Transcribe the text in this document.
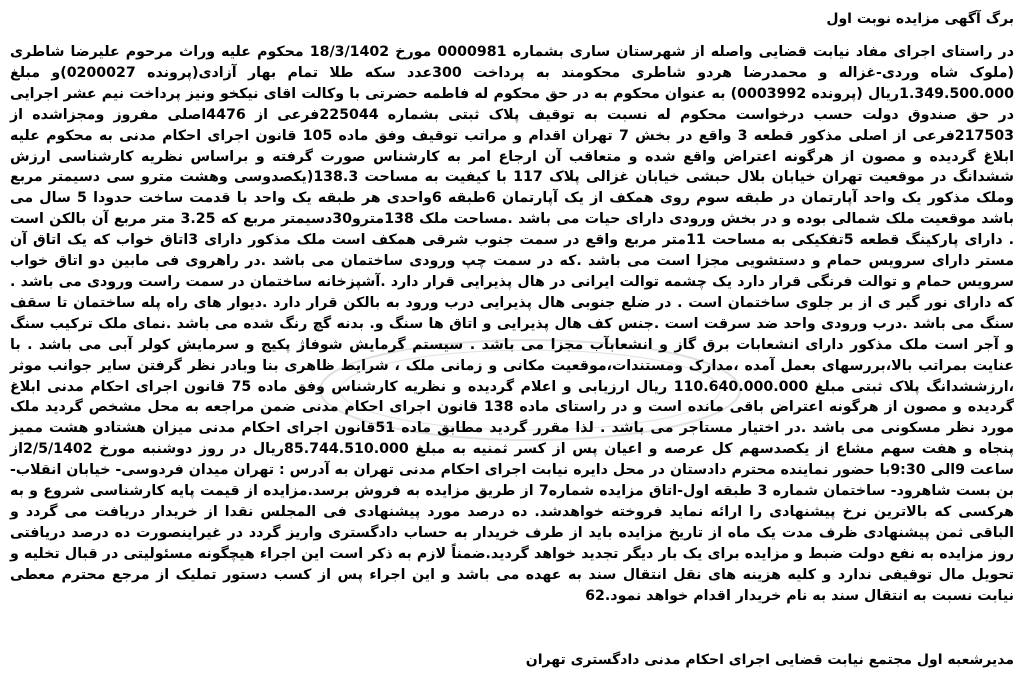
برگ آگهی مزایده نوبت اول
در راستای اجرای مفاد نیابت قضایی واصله از شهرستان ساری بشماره 0000981 مورخ 18/3/1402 محکوم علیه وراث مرحوم علیرضا شاطری (ملوک شاه وردی-غزاله و محمدرضا هردو شاطری محکومند به پرداخت 300عدد سکه طلا تمام بهار آزادی(پرونده 0200027)و مبلغ 1.349.500.000ریال (پرونده 0003992) به عنوان محکوم به در حق محکوم له فاطمه حضرتی با وکالت اقای نیکخو ونیز پرداخت نیم عشر اجرایی در حق صندوق دولت حسب درخواست محکوم له نسبت به توقیف پلاک ثبتی بشماره 225044فرعی از 4476اصلی مفروز ومجزاشده از 217503فرعی از اصلی مذکور قطعه 3 واقع در بخش 7 تهران اقدام و مراتب توقیف وفق ماده 105 قانون اجرای احکام مدنی به محکوم علیه ابلاغ گردیده و مصون از هرگونه اعتراض واقع شده و متعاقب آن ارجاع امر به کارشناس صورت گرفته و براساس نظریه کارشناسی ارزش ششدانگ در موقعیت تهران خیابان بلال حبشی خیابان غزالی پلاک 117 با کیفیت به مساحت 138.3(یکصدوسی وهشت مترو سی دسیمتر مربع وملک مذکور یک واحد آپارتمان در طبقه سوم روی همکف از یک آپارتمان 6طبقه 6واحدی هر طبقه یک واحد با قدمت ساخت حدودا 5 سال می باشد موقعیت ملک شمالی بوده و در بخش ورودی دارای حیات می باشد .مساحت ملک 138مترو30دسیمتر مربع که 3.25 متر مربع آن بالکن است . دارای پارکینگ قطعه 5تفکیکی به مساحت 11متر مربع واقع در سمت جنوب شرقی همکف است ملک مذکور دارای 3اتاق خواب که یک اتاق آن مستر دارای سرویس حمام و دستشویی مجزا است می باشد .که در سمت چپ ورودی ساختمان می باشد .در راهروی فی مابین دو اتاق خواب سرویس حمام و توالت فرنگی قرار دارد یک چشمه توالت ایرانی در هال پذیرایی قرار دارد .آشپزخانه ساختمان در سمت راست ورودی می باشد . که دارای نور گیر ی از بر جلوی ساختمان است . در ضلع جنوبی هال پذیرایی درب ورود به بالکن قرار دارد .دیوار های راه پله ساختمان تا سقف سنگ می باشد .درب ورودی واحد ضد سرقت است .جنس کف هال پذیرایی و اتاق ها سنگ و. بدنه گچ رنگ شده می باشد .نمای ملک ترکیب سنگ و آجر است ملک مذکور دارای انشعابات برق گاز و انشعابآب مجزا می باشد . سیستم گرمایش شوفاژ پکیج و سرمایش کولر آبی می باشد . با عنایت بمراتب بالا،بررسهای بعمل آمده ،مدارک ومستندات،موقعیت مکانی و زمانی ملک ، شرایط ظاهری بنا وبادر نظر گرفتن سایر جوانب موثر ،ارزششدانگ پلاک ثبتی مبلغ 110.640.000.000 ریال ارزیابی و اعلام گردیده و نظریه کارشناس وفق ماده 75 قانون اجرای احکام مدنی ابلاغ گردیده و مصون از هرگونه اعتراض باقی مانده است و در راستای ماده 138 قانون اجرای احکام مدنی ضمن مراجعه به محل مشخص گردید ملک مورد نظر مسکونی می باشد .در اختیار مستاجر می باشد . لذا مقرر گردید مطابق ماده 51قانون اجرای احکام مدنی میزان هشتادو هشت ممیز پنجاه و هفت سهم مشاع از یکصدسهم کل عرصه و اعیان پس از کسر ثمنیه به مبلغ 85.744.510.000ریال در روز دوشنبه مورخ 2/5/1402از ساعت 9الی 9:30با حضور نماینده محترم دادستان در محل دایره نیابت اجرای احکام مدنی تهران به آدرس : تهران میدان فردوسی- خیابان انقلاب- بن بست شاهرود- ساختمان شماره 3 طبقه اول-اتاق مزایده شماره7 از طریق مزایده به فروش برسد.مزایده از قیمت پایه کارشناسی شروع و به هرکسی که بالاترین نرخ پیشنهادی را ارائه نماید فروخته خواهدشد. ده درصد مورد پیشنهادی فی المجلس نقدا از خریدار دریافت می گردد و الباقی ثمن پیشنهادی ظرف مدت یک ماه از تاریخ مزایده باید از طرف خریدار به حساب دادگستری واریز گردد در غیراینصورت ده درصد دریافتی روز مزایده به نفع دولت ضبط و مزایده برای یک بار دیگر تجدید خواهد گردید.ضمناً لازم به ذکر است این اجراء هیچگونه مسئولیتی در قبال تخلیه و تحویل مال توقیفی ندارد و کلیه هزینه های نقل انتقال سند به عهده می باشد و این اجراء پس از کسب دستور تملیک از مرجع محترم معطی نیابت نسبت به انتقال سند به نام خریدار اقدام خواهد نمود.62
مدیرشعبه اول مجتمع نیابت قضایی اجرای احکام مدنی دادگستری تهران
